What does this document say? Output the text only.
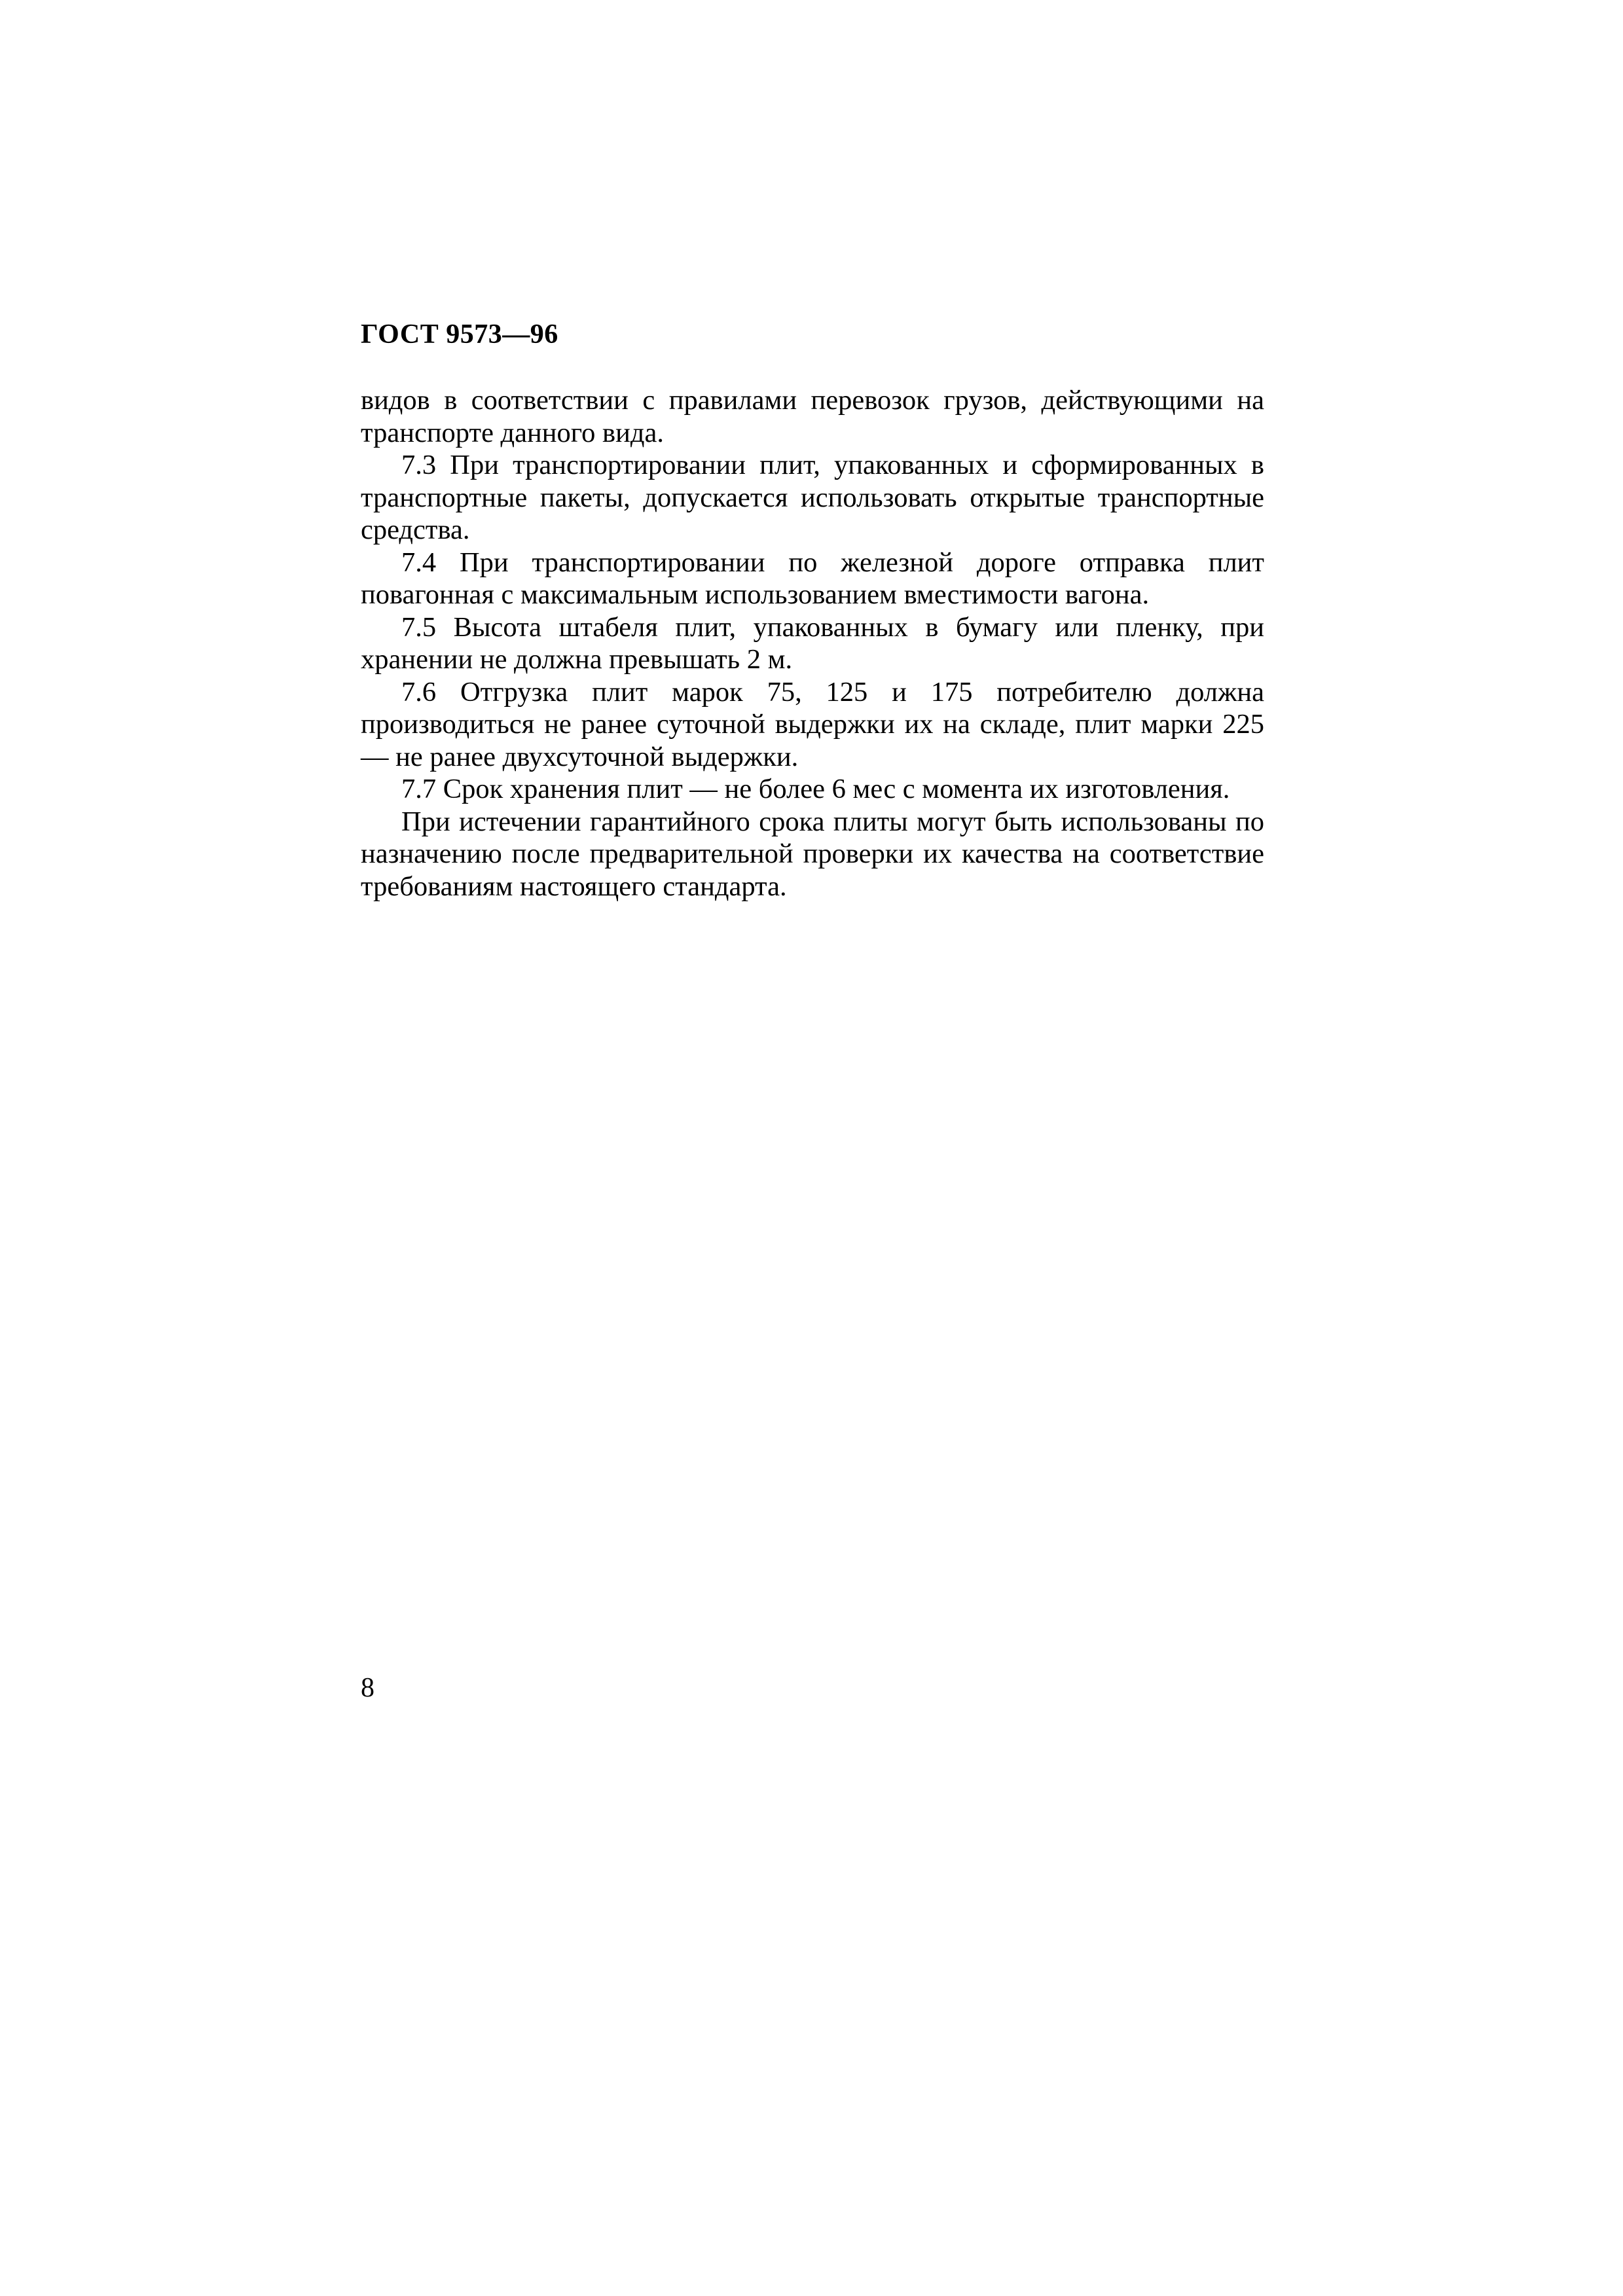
ГОСТ 9573—96

видов в соответствии с правилами перевозок грузов, действующими на транспорте данного вида.

7.3 При транспортировании плит, упакованных и сформированных в транспортные пакеты, допускается использовать открытые транспортные средства.

7.4 При транспортировании по железной дороге отправка плит повагонная с максимальным использованием вместимости вагона.

7.5 Высота штабеля плит, упакованных в бумагу или пленку, при хранении не должна превышать 2 м.

7.6 Отгрузка плит марок 75, 125 и 175 потребителю должна производиться не ранее суточной выдержки их на складе, плит марки 225 — не ранее двухсуточной выдержки.

7.7 Срок хранения плит — не более 6 мес с момента их изготовления.

При истечении гарантийного срока плиты могут быть использованы по назначению после предварительной проверки их качества на соответствие требованиям настоящего стандарта.

8
